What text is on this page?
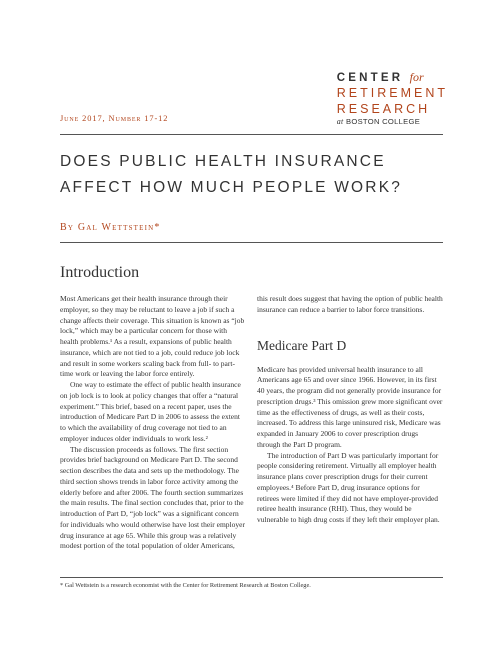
CENTER for
RETIREMENT
RESEARCH
at BOSTON COLLEGE
June 2017, Number 17-12
DOES PUBLIC HEALTH INSURANCE
AFFECT HOW MUCH PEOPLE WORK?
By Gal Wettstein*
Introduction

Most Americans get their health insurance through their employer, so they may be reluctant to leave a job if such a change affects their coverage. This situation is known as “job lock,” which may be a particular concern for those with health problems.¹ As a result, expansions of public health insurance, which are not tied to a job, could reduce job lock and result in some workers scaling back from full- to part-time work or leaving the labor force entirely.

One way to estimate the effect of public health insurance on job lock is to look at policy changes that offer a “natural experiment.” This brief, based on a recent paper, uses the introduction of Medicare Part D in 2006 to assess the extent to which the availability of drug coverage not tied to an employer induces older individuals to work less.²

The discussion proceeds as follows. The first section provides brief background on Medicare Part D. The second section describes the data and sets up the methodology. The third section shows trends in labor force activity among the elderly before and after 2006. The fourth section summarizes the main results. The final section concludes that, prior to the introduction of Part D, “job lock” was a significant concern for individuals who would otherwise have lost their employer drug insurance at age 65. While this group was a relatively modest portion of the total population of older Americans,

this result does suggest that having the option of public health insurance can reduce a barrier to labor force transitions.
Medicare Part D

Medicare has provided universal health insurance to all Americans age 65 and over since 1966. However, in its first 40 years, the program did not generally provide insurance for prescription drugs.³ This omission grew more significant over time as the effectiveness of drugs, as well as their costs, increased. To address this large uninsured risk, Medicare was expanded in January 2006 to cover prescription drugs through the Part D program.

The introduction of Part D was particularly important for people considering retirement. Virtually all employer health insurance plans cover prescription drugs for their current employees.⁴ Before Part D, drug insurance options for retirees were limited if they did not have employer-provided retiree health insurance (RHI). Thus, they would be vulnerable to high drug costs if they left their employer plan.

* Gal Wettstein is a research economist with the Center for Retirement Research at Boston College.
